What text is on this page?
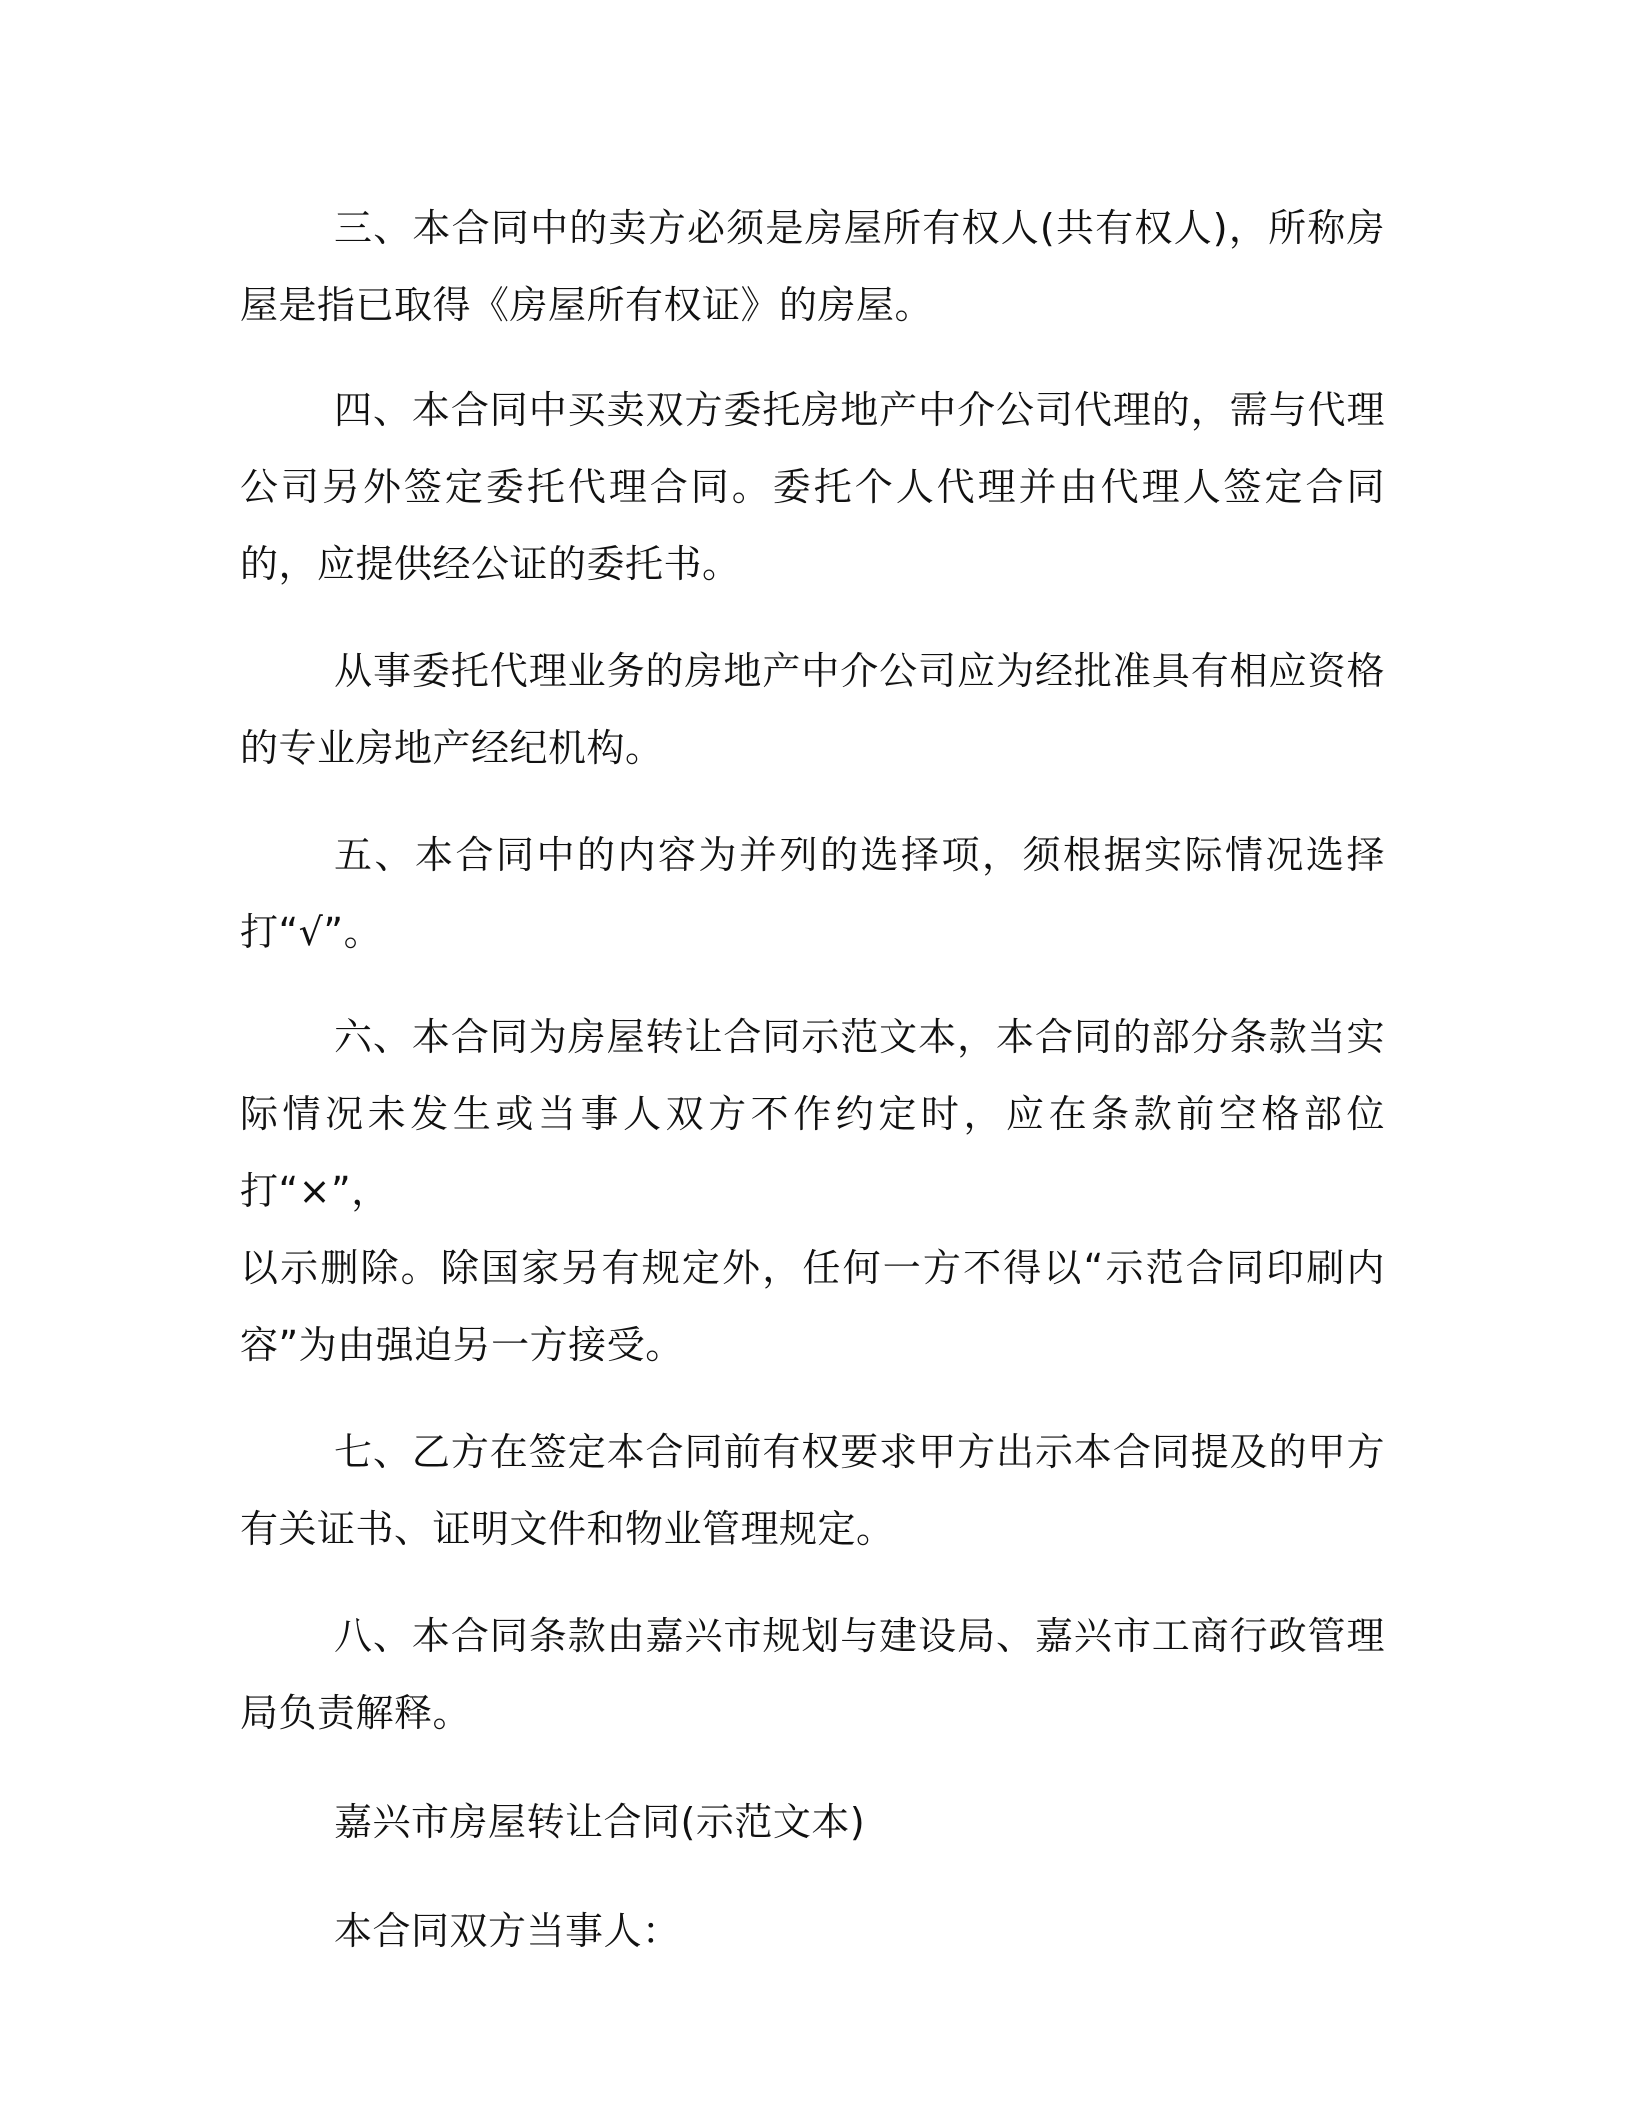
三、本合同中的卖方必须是房屋所有权人(共有权人)，所称房屋是指已取得《房屋所有权证》的房屋。

四、本合同中买卖双方委托房地产中介公司代理的，需与代理公司另外签定委托代理合同。委托个人代理并由代理人签定合同的，应提供经公证的委托书。

从事委托代理业务的房地产中介公司应为经批准具有相应资格的专业房地产经纪机构。

五、本合同中的内容为并列的选择项，须根据实际情况选择打“√”。

六、本合同为房屋转让合同示范文本，本合同的部分条款当实际情况未发生或当事人双方不作约定时，应在条款前空格部位打“×”，
以示删除。除国家另有规定外，任何一方不得以“示范合同印刷内容”为由强迫另一方接受。

七、乙方在签定本合同前有权要求甲方出示本合同提及的甲方有关证书、证明文件和物业管理规定。

八、本合同条款由嘉兴市规划与建设局、嘉兴市工商行政管理局负责解释。

嘉兴市房屋转让合同(示范文本)

本合同双方当事人：
